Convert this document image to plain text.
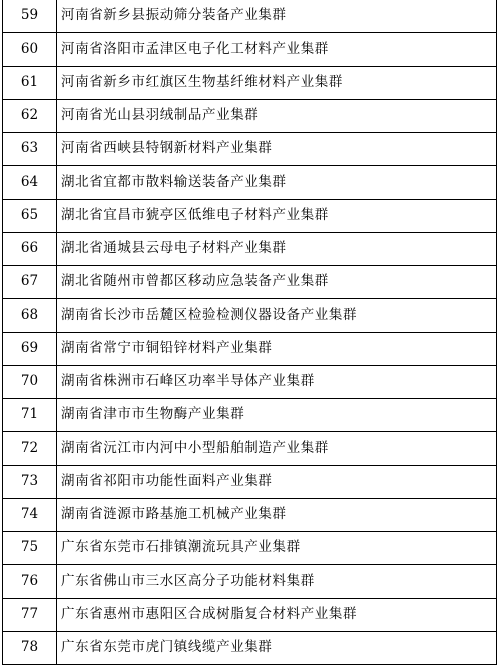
59	河南省新乡县振动筛分装备产业集群
60	河南省洛阳市孟津区电子化工材料产业集群
61	河南省新乡市红旗区生物基纤维材料产业集群
62	河南省光山县羽绒制品产业集群
63	河南省西峡县特钢新材料产业集群
64	湖北省宜都市散料输送装备产业集群
65	湖北省宜昌市猇亭区低维电子材料产业集群
66	湖北省通城县云母电子材料产业集群
67	湖北省随州市曾都区移动应急装备产业集群
68	湖南省长沙市岳麓区检验检测仪器设备产业集群
69	湖南省常宁市铜铅锌材料产业集群
70	湖南省株洲市石峰区功率半导体产业集群
71	湖南省津市市生物酶产业集群
72	湖南省沅江市内河中小型船舶制造产业集群
73	湖南省祁阳市功能性面料产业集群
74	湖南省涟源市路基施工机械产业集群
75	广东省东莞市石排镇潮流玩具产业集群
76	广东省佛山市三水区高分子功能材料集群
77	广东省惠州市惠阳区合成树脂复合材料产业集群
78	广东省东莞市虎门镇线缆产业集群
